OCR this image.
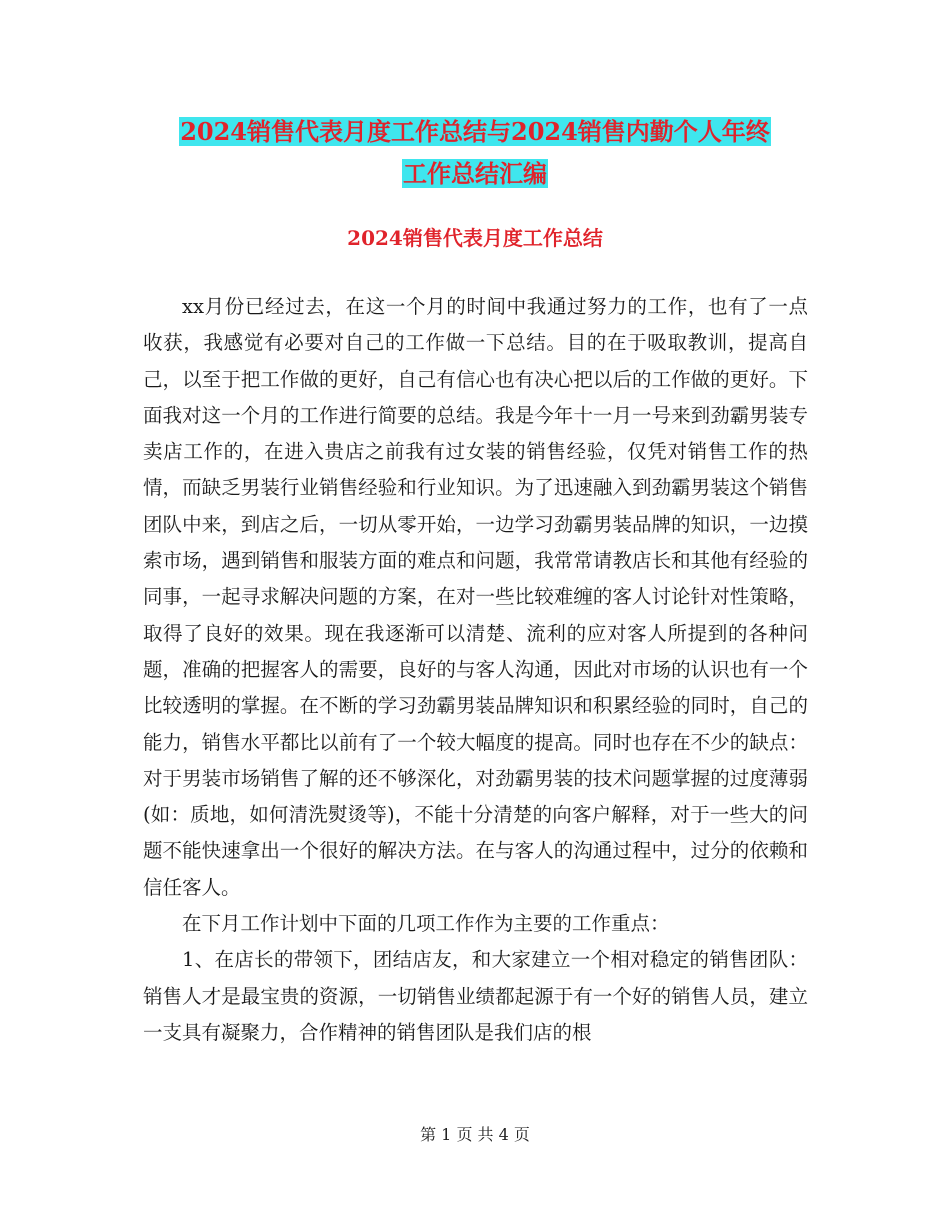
2024销售代表月度工作总结与2024销售内勤个人年终
工作总结汇编
2024销售代表月度工作总结

xx月份已经过去，在这一个月的时间中我通过努力的工作，也有了一点收获，我感觉有必要对自己的工作做一下总结。目的在于吸取教训，提高自己，以至于把工作做的更好，自己有信心也有决心把以后的工作做的更好。下面我对这一个月的工作进行简要的总结。我是今年十一月一号来到劲霸男装专卖店工作的，在进入贵店之前我有过女装的销售经验，仅凭对销售工作的热情，而缺乏男装行业销售经验和行业知识。为了迅速融入到劲霸男装这个销售团队中来，到店之后，一切从零开始，一边学习劲霸男装品牌的知识，一边摸索市场，遇到销售和服装方面的难点和问题，我常常请教店长和其他有经验的同事，一起寻求解决问题的方案，在对一些比较难缠的客人讨论针对性策略，取得了良好的效果。现在我逐渐可以清楚、流利的应对客人所提到的各种问题，准确的把握客人的需要，良好的与客人沟通，因此对市场的认识也有一个比较透明的掌握。在不断的学习劲霸男装品牌知识和积累经验的同时，自己的能力，销售水平都比以前有了一个较大幅度的提高。同时也存在不少的缺点：对于男装市场销售了解的还不够深化，对劲霸男装的技术问题掌握的过度薄弱(如：质地，如何清洗熨烫等)，不能十分清楚的向客户解释，对于一些大的问题不能快速拿出一个很好的解决方法。在与客人的沟通过程中，过分的依赖和信任客人。

在下月工作计划中下面的几项工作作为主要的工作重点：

1、在店长的带领下，团结店友，和大家建立一个相对稳定的销售团队：销售人才是最宝贵的资源，一切销售业绩都起源于有一个好的销售人员，建立一支具有凝聚力，合作精神的销售团队是我们店的根

第 1 页 共 4 页
